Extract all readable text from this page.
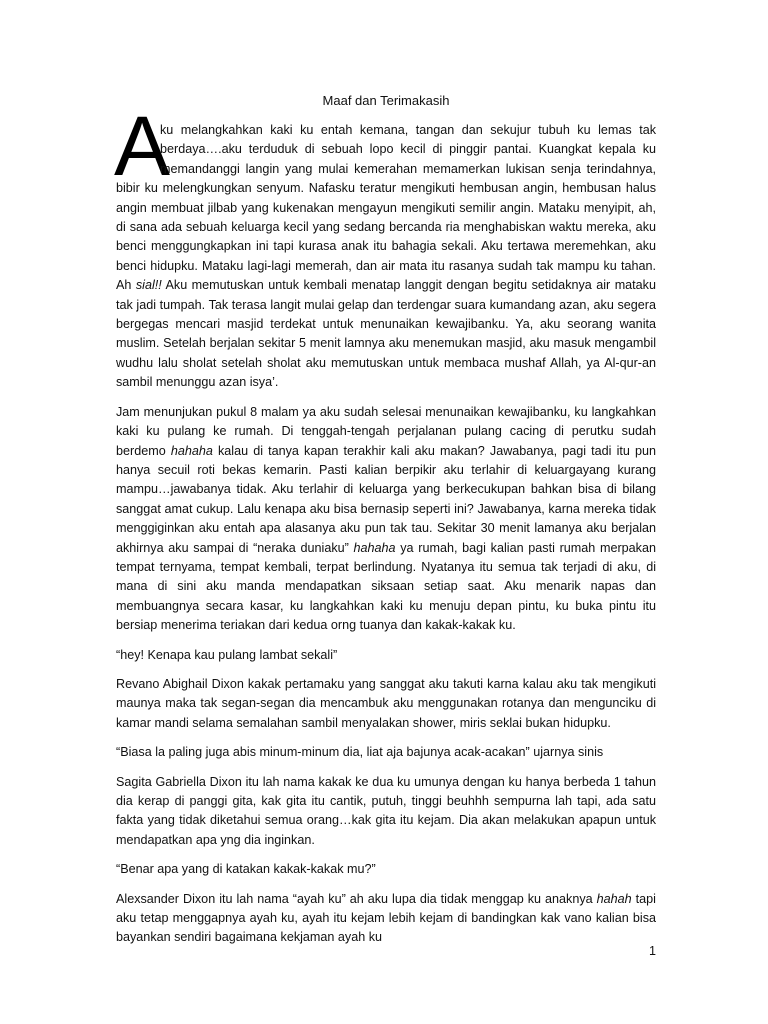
Maaf dan Terimakasih
A
ku melangkahkan kaki ku entah kemana, tangan dan sekujur tubuh ku lemas tak
berdaya….aku terduduk di sebuah lopo kecil di pinggir pantai. Kuangkat kepala ku
memandanggi langin yang mulai kemerahan memamerkan lukisan senja terindahnya,
bibir ku melengkungkan senyum. Nafasku teratur mengikuti hembusan angin, hembusan halus angin membuat jilbab yang kukenakan mengayun mengikuti semilir angin. Mataku menyipit, ah, di sana ada sebuah keluarga kecil yang sedang bercanda ria menghabiskan waktu mereka, aku benci menggungkapkan ini tapi kurasa anak itu bahagia sekali. Aku tertawa meremehkan, aku benci hidupku. Mataku lagi-lagi memerah, dan air mata itu rasanya sudah tak mampu ku tahan. Ah sial!! Aku memutuskan untuk kembali menatap langgit dengan begitu setidaknya air mataku tak jadi tumpah. Tak terasa langit mulai gelap dan terdengar suara kumandang azan, aku segera bergegas mencari masjid terdekat untuk menunaikan kewajibanku. Ya, aku seorang wanita muslim. Setelah berjalan sekitar 5 menit lamnya aku menemukan masjid, aku masuk mengambil wudhu lalu sholat setelah sholat aku memutuskan untuk membaca mushaf Allah, ya Al-qur-an sambil menunggu azan isya’.
Jam menunjukan pukul 8 malam ya aku sudah selesai menunaikan kewajibanku, ku langkahkan kaki ku pulang ke rumah. Di tenggah-tengah perjalanan pulang cacing di perutku sudah berdemo hahaha kalau di tanya kapan terakhir kali aku makan? Jawabanya, pagi tadi itu pun hanya secuil roti bekas kemarin. Pasti kalian berpikir aku terlahir di keluargayang kurang mampu…jawabanya tidak. Aku terlahir di keluarga yang berkecukupan bahkan bisa di bilang sanggat amat cukup. Lalu kenapa aku bisa bernasip seperti ini? Jawabanya, karna mereka tidak menggiginkan aku entah apa alasanya aku pun tak tau. Sekitar 30 menit lamanya aku berjalan akhirnya aku sampai di “neraka duniaku” hahaha ya rumah, bagi kalian pasti rumah merpakan tempat ternyama, tempat kembali, terpat berlindung. Nyatanya itu semua tak terjadi di aku, di mana di sini aku manda mendapatkan siksaan setiap saat. Aku menarik napas dan membuangnya secara kasar, ku langkahkan kaki ku menuju depan pintu, ku buka pintu itu bersiap menerima teriakan dari kedua orng tuanya dan kakak-kakak ku.
“hey! Kenapa kau pulang lambat sekali”
Revano Abighail Dixon kakak pertamaku yang sanggat aku takuti karna kalau aku tak mengikuti maunya maka tak segan-segan dia mencambuk aku menggunakan rotanya dan mengunciku di kamar mandi selama semalahan sambil menyalakan shower, miris seklai bukan hidupku.
“Biasa la paling juga abis minum-minum dia, liat aja bajunya acak-acakan” ujarnya sinis
Sagita Gabriella Dixon itu lah nama kakak ke dua ku umunya dengan ku hanya berbeda 1 tahun dia kerap di panggi gita, kak gita itu cantik, putuh, tinggi beuhhh sempurna lah tapi, ada satu fakta yang tidak diketahui semua orang…kak gita itu kejam. Dia akan melakukan apapun untuk mendapatkan apa yng dia inginkan.
“Benar apa yang di katakan kakak-kakak mu?”
Alexsander Dixon itu lah nama “ayah ku” ah aku lupa dia tidak menggap ku anaknya hahah tapi aku tetap menggapnya ayah ku, ayah itu kejam lebih kejam di bandingkan kak vano kalian bisa bayankan sendiri bagaimana kekjaman ayah ku
1
